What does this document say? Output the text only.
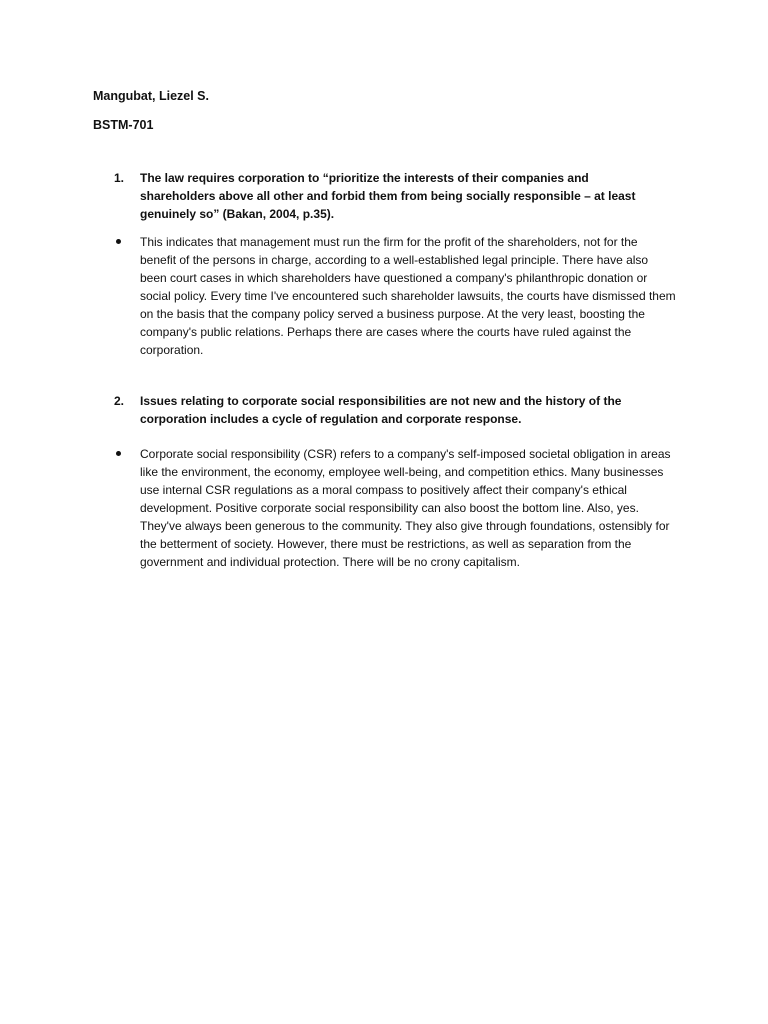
Mangubat, Liezel S.
BSTM-701
1.	The law requires corporation to “prioritize the interests of their companies and shareholders above all other and forbid them from being socially responsible – at least genuinely so” (Bakan, 2004, p.35).
This indicates that management must run the firm for the profit of the shareholders, not for the benefit of the persons in charge, according to a well-established legal principle. There have also been court cases in which shareholders have questioned a company's philanthropic donation or social policy. Every time I've encountered such shareholder lawsuits, the courts have dismissed them on the basis that the company policy served a business purpose. At the very least, boosting the company's public relations. Perhaps there are cases where the courts have ruled against the corporation.
2.	Issues relating to corporate social responsibilities are not new and the history of the corporation includes a cycle of regulation and corporate response.
Corporate social responsibility (CSR) refers to a company's self-imposed societal obligation in areas like the environment, the economy, employee well-being, and competition ethics. Many businesses use internal CSR regulations as a moral compass to positively affect their company's ethical development. Positive corporate social responsibility can also boost the bottom line. Also, yes. They've always been generous to the community. They also give through foundations, ostensibly for the betterment of society. However, there must be restrictions, as well as separation from the government and individual protection. There will be no crony capitalism.
